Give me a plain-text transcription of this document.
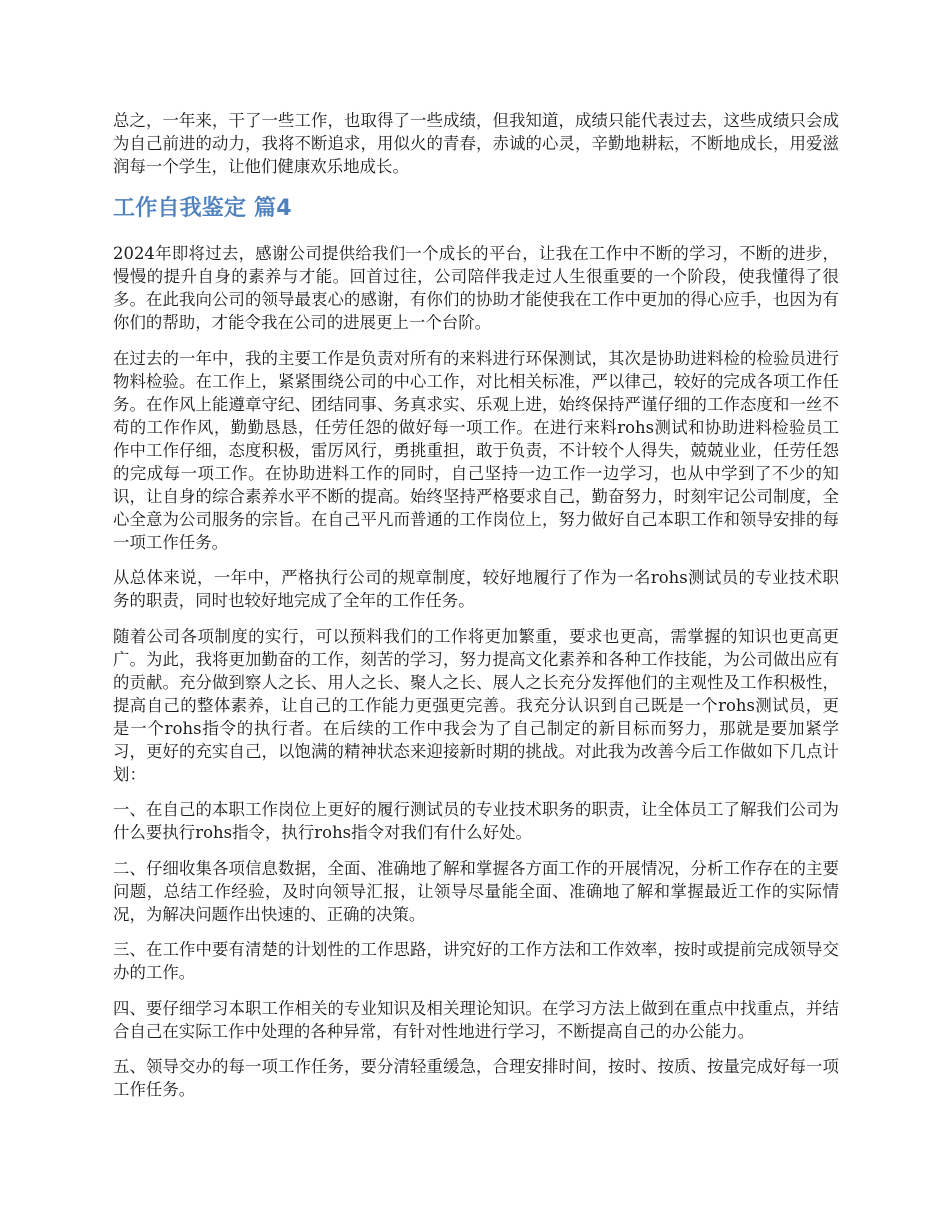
总之，一年来，干了一些工作，也取得了一些成绩，但我知道，成绩只能代表过去，这些成绩只会成为自己前进的动力，我将不断追求，用似火的青春，赤诚的心灵，辛勤地耕耘，不断地成长，用爱滋润每一个学生，让他们健康欢乐地成长。

工作自我鉴定 篇4

2024年即将过去，感谢公司提供给我们一个成长的平台，让我在工作中不断的学习，不断的进步，慢慢的提升自身的素养与才能。回首过往，公司陪伴我走过人生很重要的一个阶段，使我懂得了很多。在此我向公司的领导最衷心的感谢，有你们的协助才能使我在工作中更加的得心应手，也因为有你们的帮助，才能令我在公司的进展更上一个台阶。

在过去的一年中，我的主要工作是负责对所有的来料进行环保测试，其次是协助进料检的检验员进行物料检验。在工作上，紧紧围绕公司的中心工作，对比相关标准，严以律己，较好的完成各项工作任务。在作风上能遵章守纪、团结同事、务真求实、乐观上进，始终保持严谨仔细的工作态度和一丝不苟的工作作风，勤勤恳恳，任劳任怨的做好每一项工作。在进行来料rohs测试和协助进料检验员工作中工作仔细，态度积极，雷厉风行，勇挑重担，敢于负责，不计较个人得失，兢兢业业，任劳任怨的完成每一项工作。在协助进料工作的同时，自己坚持一边工作一边学习，也从中学到了不少的知识，让自身的综合素养水平不断的提高。始终坚持严格要求自己，勤奋努力，时刻牢记公司制度，全心全意为公司服务的宗旨。在自己平凡而普通的工作岗位上，努力做好自己本职工作和领导安排的每一项工作任务。

从总体来说，一年中，严格执行公司的规章制度，较好地履行了作为一名rohs测试员的专业技术职务的职责，同时也较好地完成了全年的工作任务。

随着公司各项制度的实行，可以预料我们的工作将更加繁重，要求也更高，需掌握的知识也更高更广。为此，我将更加勤奋的工作，刻苦的学习，努力提高文化素养和各种工作技能，为公司做出应有的贡献。充分做到察人之长、用人之长、聚人之长、展人之长充分发挥他们的主观性及工作积极性，提高自己的整体素养，让自己的工作能力更强更完善。我充分认识到自己既是一个rohs测试员，更是一个rohs指令的执行者。在后续的工作中我会为了自己制定的新目标而努力，那就是要加紧学习，更好的充实自己，以饱满的精神状态来迎接新时期的挑战。对此我为改善今后工作做如下几点计划：

一、在自己的本职工作岗位上更好的履行测试员的专业技术职务的职责，让全体员工了解我们公司为什么要执行rohs指令，执行rohs指令对我们有什么好处。

二、仔细收集各项信息数据，全面、准确地了解和掌握各方面工作的开展情况，分析工作存在的主要问题，总结工作经验，及时向领导汇报，让领导尽量能全面、准确地了解和掌握最近工作的实际情况，为解决问题作出快速的、正确的决策。

三、在工作中要有清楚的计划性的工作思路，讲究好的工作方法和工作效率，按时或提前完成领导交办的工作。

四、要仔细学习本职工作相关的专业知识及相关理论知识。在学习方法上做到在重点中找重点，并结合自己在实际工作中处理的各种异常，有针对性地进行学习，不断提高自己的办公能力。

五、领导交办的每一项工作任务，要分清轻重缓急，合理安排时间，按时、按质、按量完成好每一项工作任务。
